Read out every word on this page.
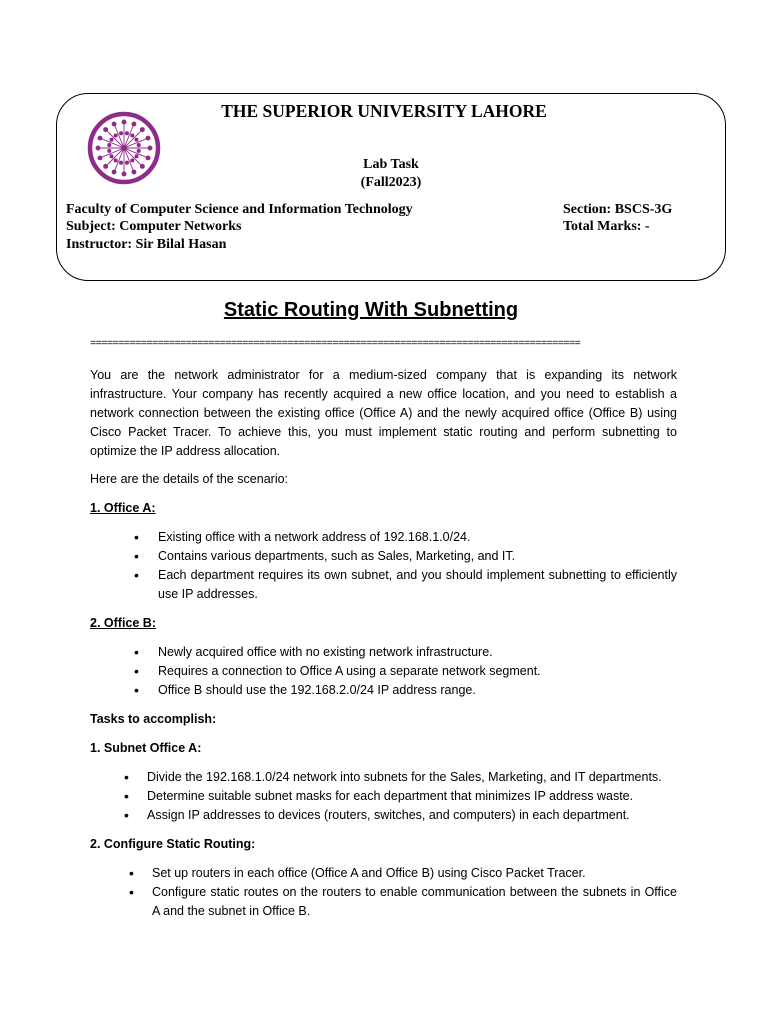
THE SUPERIOR UNIVERSITY LAHORE
Lab Task
(Fall2023)
Faculty of Computer Science and Information Technology
Subject: Computer Networks
Instructor: Sir Bilal Hasan
Section: BSCS-3G
Total Marks: -
Static Routing With Subnetting
=======================================================================================
You are the network administrator for a medium-sized company that is expanding its network infrastructure. Your company has recently acquired a new office location, and you need to establish a network connection between the existing office (Office A) and the newly acquired office (Office B) using Cisco Packet Tracer. To achieve this, you must implement static routing and perform subnetting to optimize the IP address allocation.
Here are the details of the scenario:
1. Office A:
• Existing office with a network address of 192.168.1.0/24.
• Contains various departments, such as Sales, Marketing, and IT.
• Each department requires its own subnet, and you should implement subnetting to efficiently use IP addresses.
2. Office B:
• Newly acquired office with no existing network infrastructure.
• Requires a connection to Office A using a separate network segment.
• Office B should use the 192.168.2.0/24 IP address range.
Tasks to accomplish:
1. Subnet Office A:
• Divide the 192.168.1.0/24 network into subnets for the Sales, Marketing, and IT departments.
• Determine suitable subnet masks for each department that minimizes IP address waste.
• Assign IP addresses to devices (routers, switches, and computers) in each department.
2. Configure Static Routing:
• Set up routers in each office (Office A and Office B) using Cisco Packet Tracer.
• Configure static routes on the routers to enable communication between the subnets in Office A and the subnet in Office B.
